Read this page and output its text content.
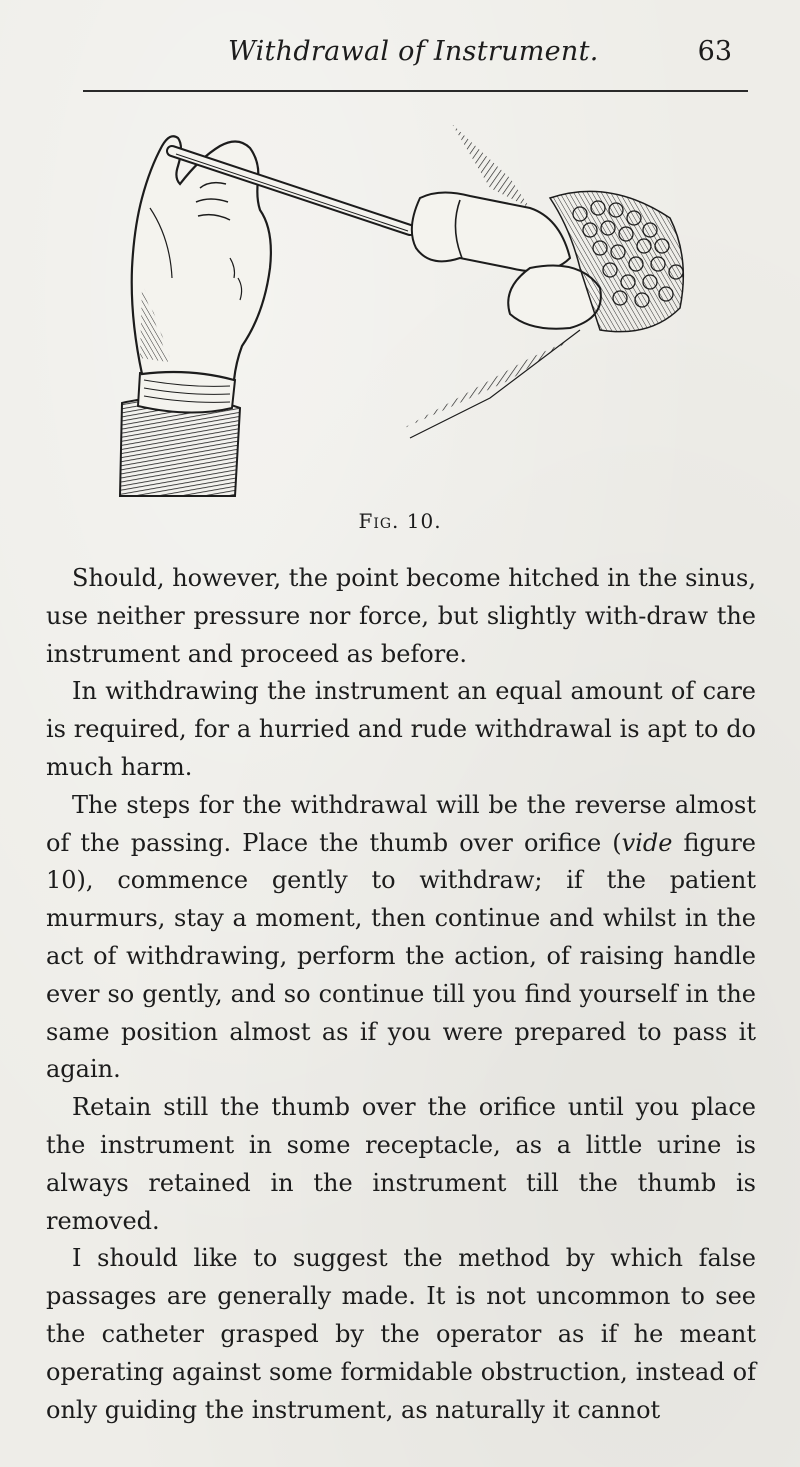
Withdrawal of Instrument.	63
Fig. 10.

Should, however, the point become hitched in the sinus, use neither pressure nor force, but slightly with-draw the instrument and proceed as before.

In withdrawing the instrument an equal amount of care is required, for a hurried and rude withdrawal is apt to do much harm.

The steps for the withdrawal will be the reverse almost of the passing. Place the thumb over orifice (vide figure 10), commence gently to withdraw; if the patient murmurs, stay a moment, then continue and whilst in the act of withdrawing, perform the action, of raising handle ever so gently, and so continue till you find yourself in the same position almost as if you were prepared to pass it again.

Retain still the thumb over the orifice until you place the instrument in some receptacle, as a little urine is always retained in the instrument till the thumb is removed.

I should like to suggest the method by which false passages are generally made. It is not uncommon to see the catheter grasped by the operator as if he meant operating against some formidable obstruction, instead of only guiding the instrument, as naturally it cannot
